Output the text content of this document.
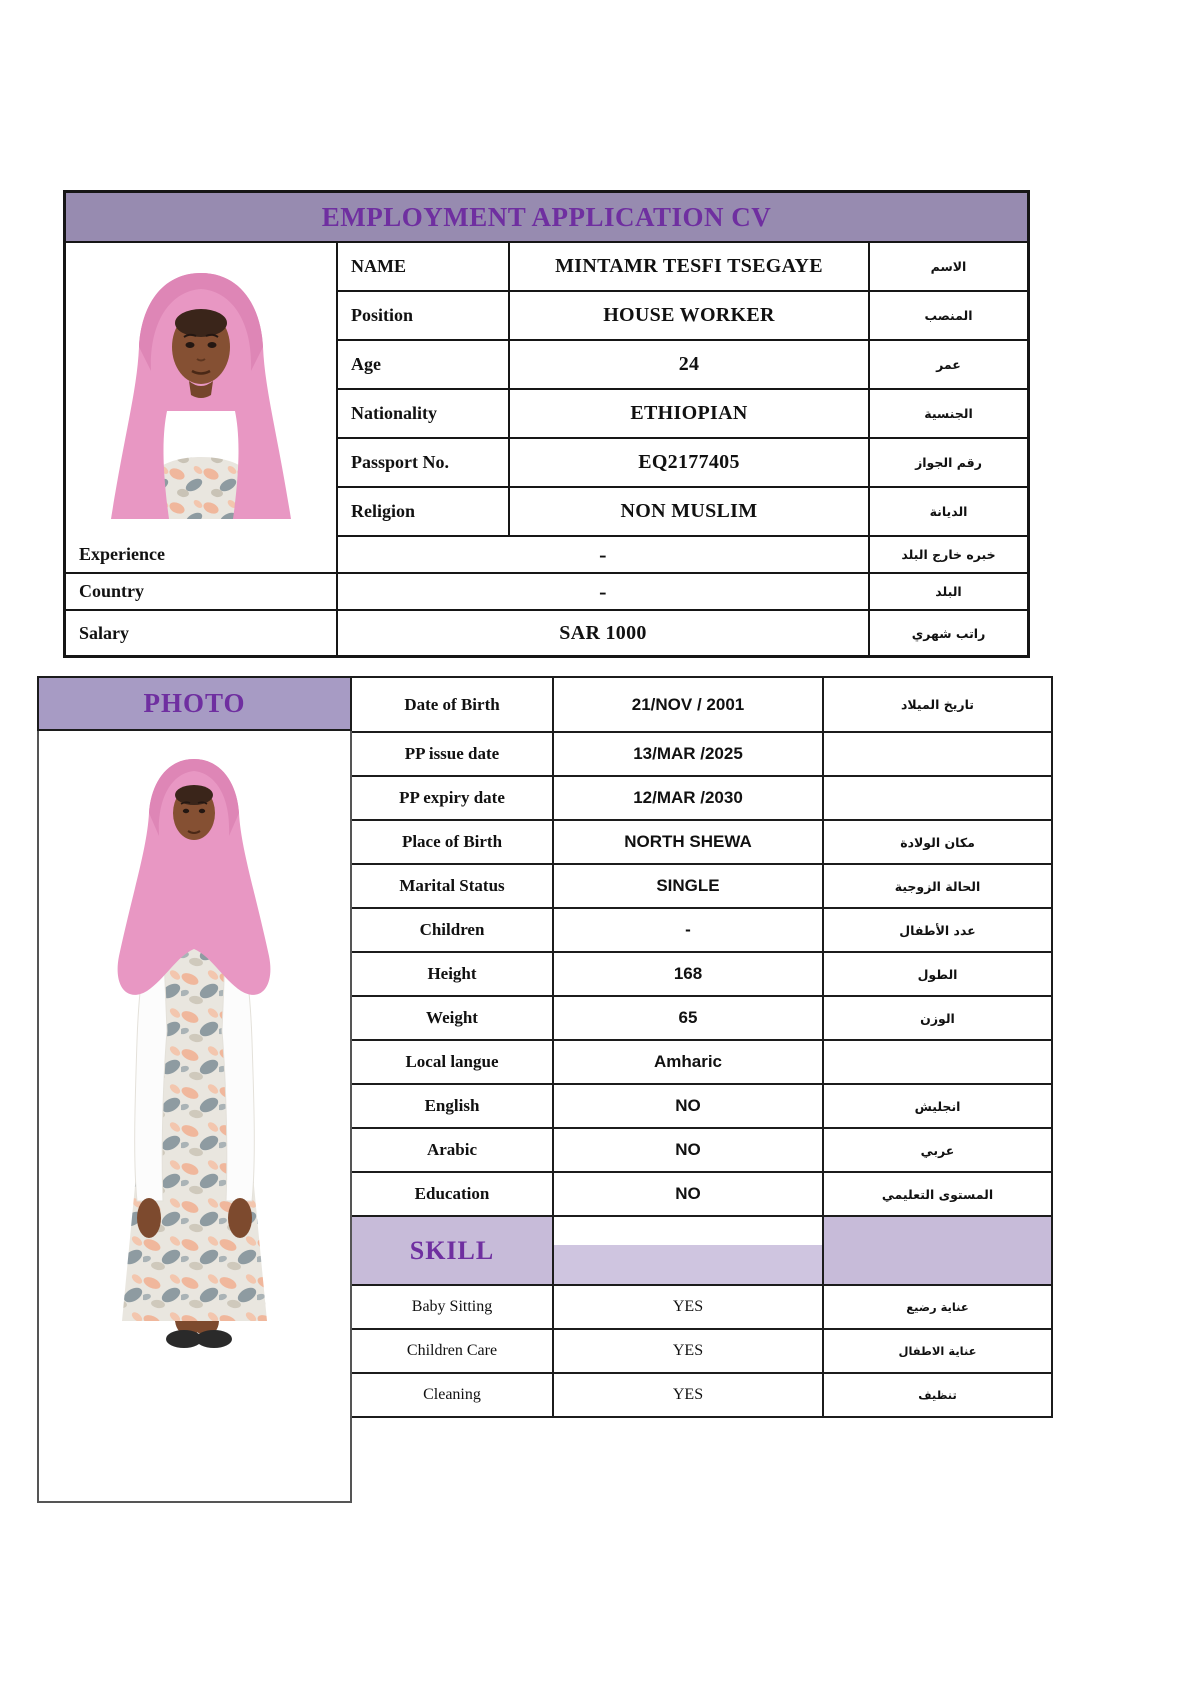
EMPLOYMENT APPLICATION CV
NAME	MINTAMR TESFI TSEGAYE	الاسم
Position	HOUSE WORKER	المنصب
Age	24	عمر
Nationality	ETHIOPIAN	الجنسية
Passport No.	EQ2177405	رقم الجواز
Religion	NON MUSLIM	الديانة
Experience	-	خبره خارج البلد
Country	-	البلد
Salary	SAR 1000	راتب شهري
PHOTO	Date of Birth	21/NOV / 2001	تاريخ الميلاد
PP issue date	13/MAR /2025
PP expiry date	12/MAR /2030
Place of Birth	NORTH SHEWA	مكان الولادة
Marital Status	SINGLE	الحالة الزوجية
Children	-	عدد الأطفال
Height	168	الطول
Weight	65	الوزن
Local langue	Amharic
English	NO	انجليش
Arabic	NO	عربي
Education	NO	المستوى التعليمي
SKILL
Baby Sitting	YES	عناية رضيع
Children Care	YES	عناية الاطفال
Cleaning	YES	تنظيف
